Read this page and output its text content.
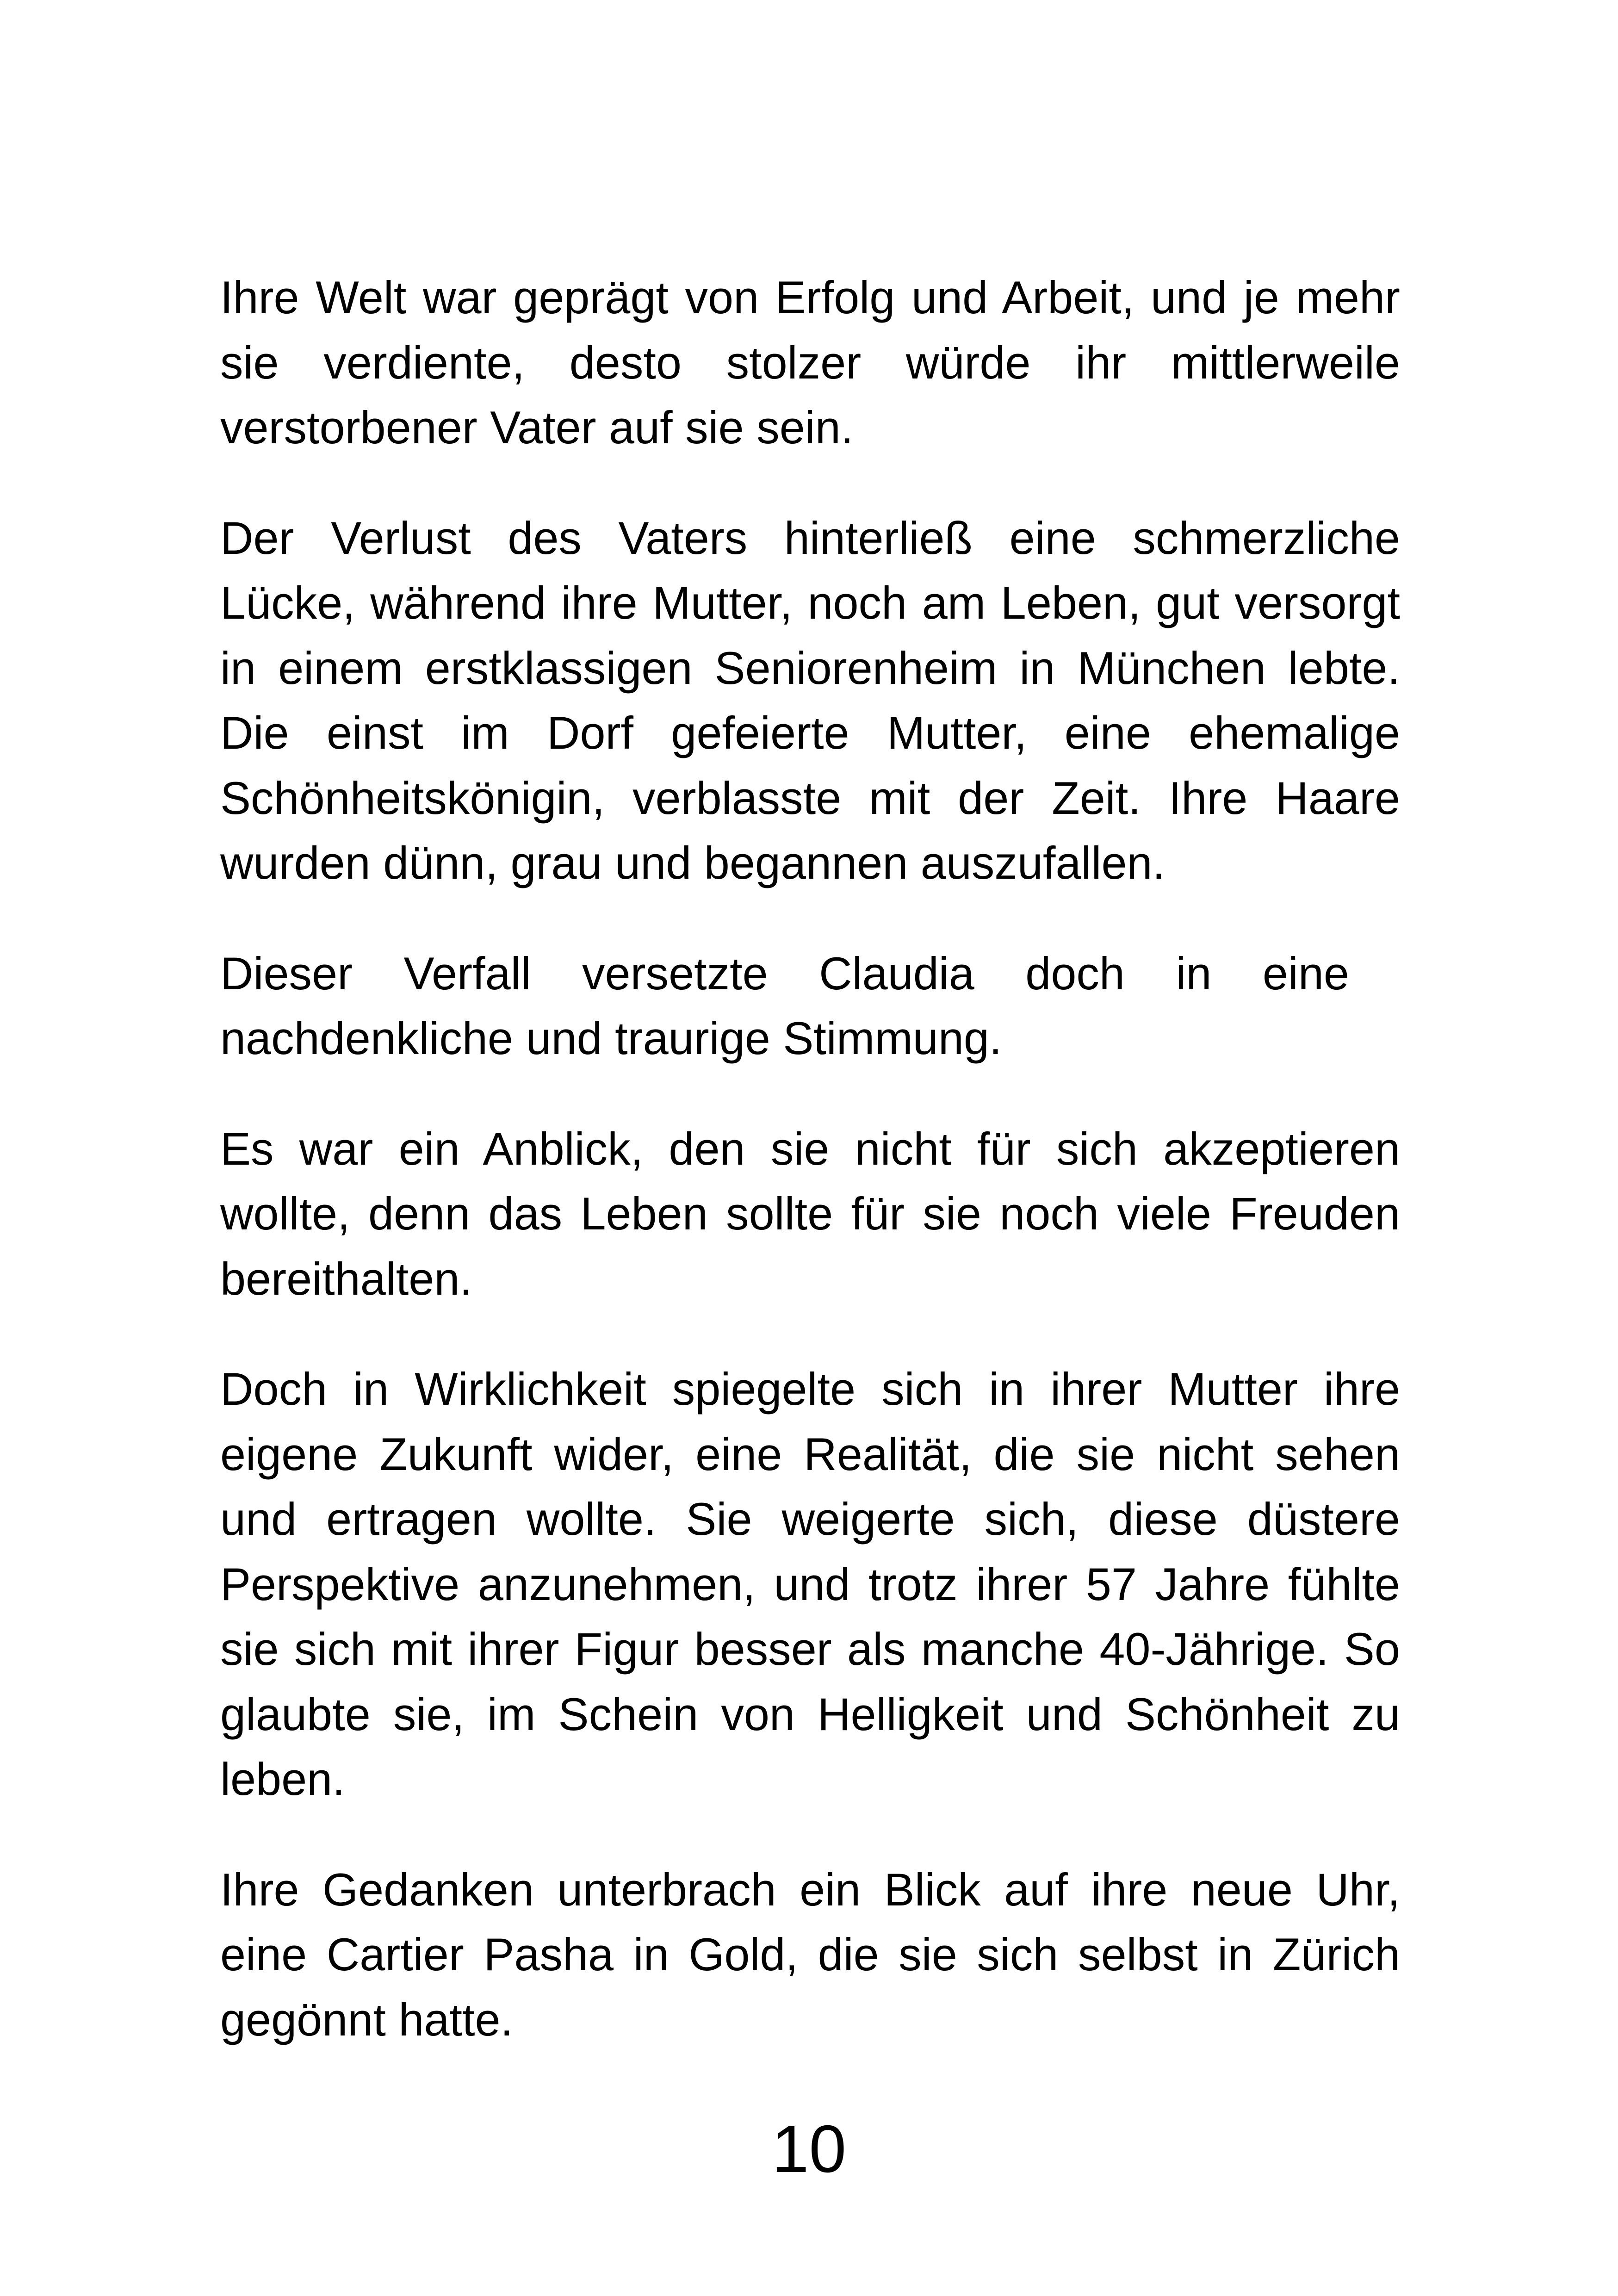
Ihre Welt war geprägt von Erfolg und Arbeit, und je mehr
sie verdiente, desto stolzer würde ihr mittlerweile
verstorbener Vater auf sie sein.
Der Verlust des Vaters hinterließ eine schmerzliche
Lücke, während ihre Mutter, noch am Leben, gut versorgt
in einem erstklassigen Seniorenheim in München lebte.
Die einst im Dorf gefeierte Mutter, eine ehemalige
Schönheitskönigin, verblasste mit der Zeit. Ihre Haare
wurden dünn, grau und begannen auszufallen.
Dieser Verfall versetzte Claudia doch in eine
nachdenkliche und traurige Stimmung.
Es war ein Anblick, den sie nicht für sich akzeptieren
wollte, denn das Leben sollte für sie noch viele Freuden
bereithalten.
Doch in Wirklichkeit spiegelte sich in ihrer Mutter ihre
eigene Zukunft wider, eine Realität, die sie nicht sehen
und ertragen wollte. Sie weigerte sich, diese düstere
Perspektive anzunehmen, und trotz ihrer 57 Jahre fühlte
sie sich mit ihrer Figur besser als manche 40-Jährige. So
glaubte sie, im Schein von Helligkeit und Schönheit zu
leben.
Ihre Gedanken unterbrach ein Blick auf ihre neue Uhr,
eine Cartier Pasha in Gold, die sie sich selbst in Zürich
gegönnt hatte.
10
